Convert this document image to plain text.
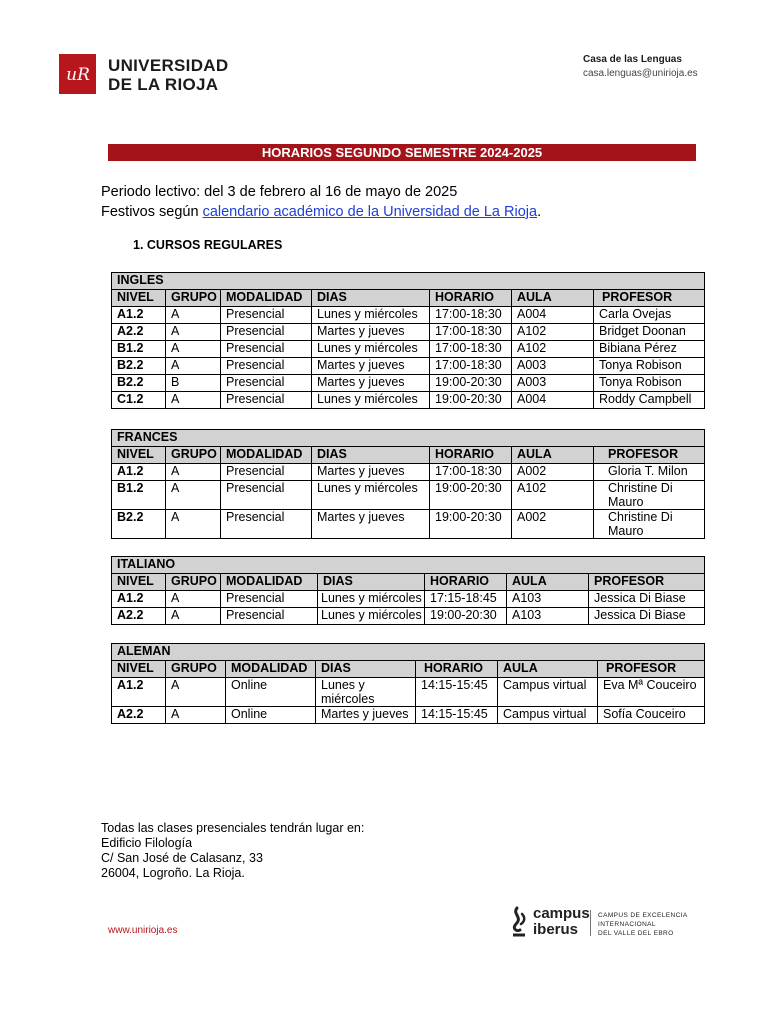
uR UNIVERSIDAD
DE LA RIOJA
Casa de las Lenguas
casa.lenguas@unirioja.es
HORARIOS SEGUNDO SEMESTRE 2024-2025
Periodo lectivo: del 3 de febrero al 16 de mayo de 2025
Festivos según calendario académico de la Universidad de La Rioja.
1. CURSOS REGULARES
INGLES						
NIVEL	GRUPO	MODALIDAD	DIAS	HORARIO	AULA	PROFESOR
A1.2	A	Presencial	Lunes y miércoles	17:00-18:30	A004	Carla Ovejas
A2.2	A	Presencial	Martes y jueves	17:00-18:30	A102	Bridget Doonan
B1.2	A	Presencial	Lunes y miércoles	17:00-18:30	A102	Bibiana Pérez
B2.2	A	Presencial	Martes y jueves	17:00-18:30	A003	Tonya Robison
B2.2	B	Presencial	Martes y jueves	19:00-20:30	A003	Tonya Robison
C1.2	A	Presencial	Lunes y miércoles	19:00-20:30	A004	Roddy Campbell
FRANCES						
NIVEL	GRUPO	MODALIDAD	DIAS	HORARIO	AULA	PROFESOR
A1.2	A	Presencial	Martes y jueves	17:00-18:30	A002	Gloria T. Milon
B1.2	A	Presencial	Lunes y miércoles	19:00-20:30	A102	Christine Di Mauro
B2.2	A	Presencial	Martes y jueves	19:00-20:30	A002	Christine Di Mauro
ITALIANO						
NIVEL	GRUPO	MODALIDAD	DIAS	HORARIO	AULA	PROFESOR
A1.2	A	Presencial	Lunes y miércoles	17:15-18:45	A103	Jessica Di Biase
A2.2	A	Presencial	Lunes y miércoles	19:00-20:30	A103	Jessica Di Biase
ALEMAN						
NIVEL	GRUPO	MODALIDAD	DIAS	HORARIO	AULA	PROFESOR
A1.2	A	Online	Lunes y miércoles	14:15-15:45	Campus virtual	Eva Mª Couceiro
A2.2	A	Online	Martes y jueves	14:15-15:45	Campus virtual	Sofía Couceiro
Todas las clases presenciales tendrán lugar en:
Edificio Filología
C/ San José de Calasanz, 33
26004, Logroño. La Rioja.
www.unirioja.es
campus
iberus
CAMPUS DE EXCELENCIA
INTERNACIONAL
DEL VALLE DEL EBRO
